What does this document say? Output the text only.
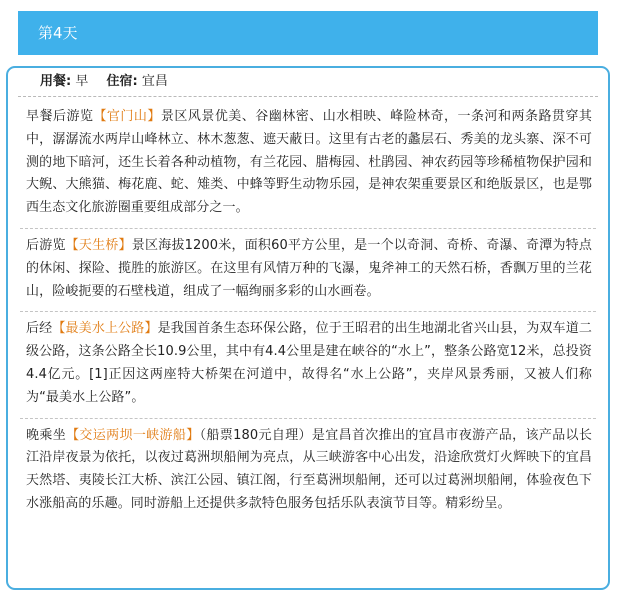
第4天
用餐: 早 住宿: 宜昌
早餐后游览【官门山】景区风景优美、谷幽林密、山水相映、峰险林奇，一条河和两条路贯穿其中，潺潺流水两岸山峰林立、林木葱葱、遮天蔽日。这里有古老的蠡层石、秀美的龙头寨、深不可测的地下暗河，还生长着各种动植物，有兰花园、腊梅园、杜鹃园、神农药园等珍稀植物保护园和大鲵、大熊猫、梅花鹿、蛇、雉类、中蜂等野生动物乐园，是神农架重要景区和绝版景区，也是鄂西生态文化旅游圈重要组成部分之一。
后游览【天生桥】景区海拔1200米，面积60平方公里，是一个以奇洞、奇桥、奇瀑、奇潭为特点的休闲、探险、揽胜的旅游区。在这里有风情万种的飞瀑，鬼斧神工的天然石桥，香飘万里的兰花山，险峻扼要的石壁栈道，组成了一幅绚丽多彩的山水画卷。
后经【最美水上公路】是我国首条生态环保公路，位于王昭君的出生地湖北省兴山县，为双车道二级公路，这条公路全长10.9公里，其中有4.4公里是建在峡谷的“水上”，整条公路宽12米，总投资4.4亿元。[1]正因这两座特大桥架在河道中，故得名“水上公路”，夹岸风景秀丽，又被人们称为“最美水上公路”。
晚乘坐【交运两坝一峡游船】（船票180元自理）是宜昌首次推出的宜昌市夜游产品，该产品以长江沿岸夜景为依托，以夜过葛洲坝船闸为亮点，从三峡游客中心出发，沿途欣赏灯火辉映下的宜昌天然塔、夷陵长江大桥、滨江公园、镇江阁，行至葛洲坝船闸，还可以过葛洲坝船闸，体验夜色下水涨船高的乐趣。同时游船上还提供多款特色服务包括乐队表演节目等。精彩纷呈。
